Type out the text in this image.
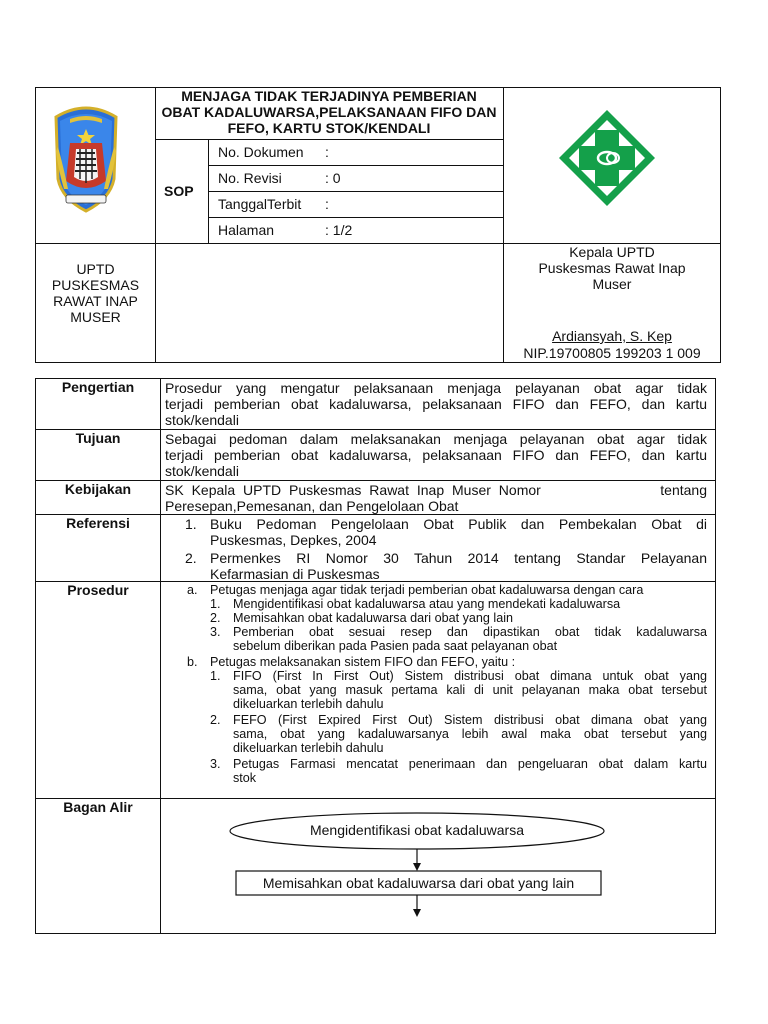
MENJAGA TIDAK TERJADINYA PEMBERIAN OBAT KADALUWARSA,PELAKSANAAN FIFO DAN FEFO, KARTU STOK/KENDALI
SOP
No. Dokumen :
No. Revisi	: 0
TanggalTerbit :
Halaman	: 1/2
UPTD
PUSKESMAS
RAWAT INAP
MUSER
Kepala UPTD
Puskesmas Rawat Inap
Muser
Ardiansyah, S. Kep
NIP.19700805 199203 1 009
Pengertian	Prosedur yang mengatur pelaksanaan menjaga pelayanan obat agar tidak
terjadi pemberian obat kadaluwarsa, pelaksanaan FIFO dan FEFO, dan kartu
stok/kendali
Tujuan	Sebagai pedoman dalam melaksanakan menjaga pelayanan obat agar tidak
terjadi pemberian obat kadaluwarsa, pelaksanaan FIFO dan FEFO, dan kartu
stok/kendali
Kebijakan	SK Kepala UPTD Puskesmas Rawat Inap Muser Nomor	tentang
Peresepan,Pemesanan, dan Pengelolaan Obat
Referensi	1. Buku Pedoman Pengelolaan Obat Publik dan Pembekalan Obat di
Puskesmas, Depkes, 2004
2. Permenkes RI Nomor 30 Tahun 2014 tentang Standar Pelayanan
Kefarmasian di Puskesmas
Prosedur	a. Petugas menjaga agar tidak terjadi pemberian obat kadaluwarsa dengan cara
1. Mengidentifikasi obat kadaluwarsa atau yang mendekati kadaluwarsa
2. Memisahkan obat kadaluwarsa dari obat yang lain
3. Pemberian obat sesuai resep dan dipastikan obat tidak kadaluwarsa
sebelum diberikan pada Pasien pada saat pelayanan obat
b. Petugas melaksanakan sistem FIFO dan FEFO, yaitu :
1. FIFO (First In First Out) Sistem distribusi obat dimana untuk obat yang
sama, obat yang masuk pertama kali di unit pelayanan maka obat tersebut
dikeluarkan terlebih dahulu
2. FEFO (First Expired First Out) Sistem distribusi obat dimana obat yang
sama, obat yang kadaluwarsanya lebih awal maka obat tersebut yang
dikeluarkan terlebih dahulu
3. Petugas Farmasi mencatat penerimaan dan pengeluaran obat dalam kartu
stok
Bagan Alir
Mengidentifikasi obat kadaluwarsa
Memisahkan obat kadaluwarsa dari obat yang lain
